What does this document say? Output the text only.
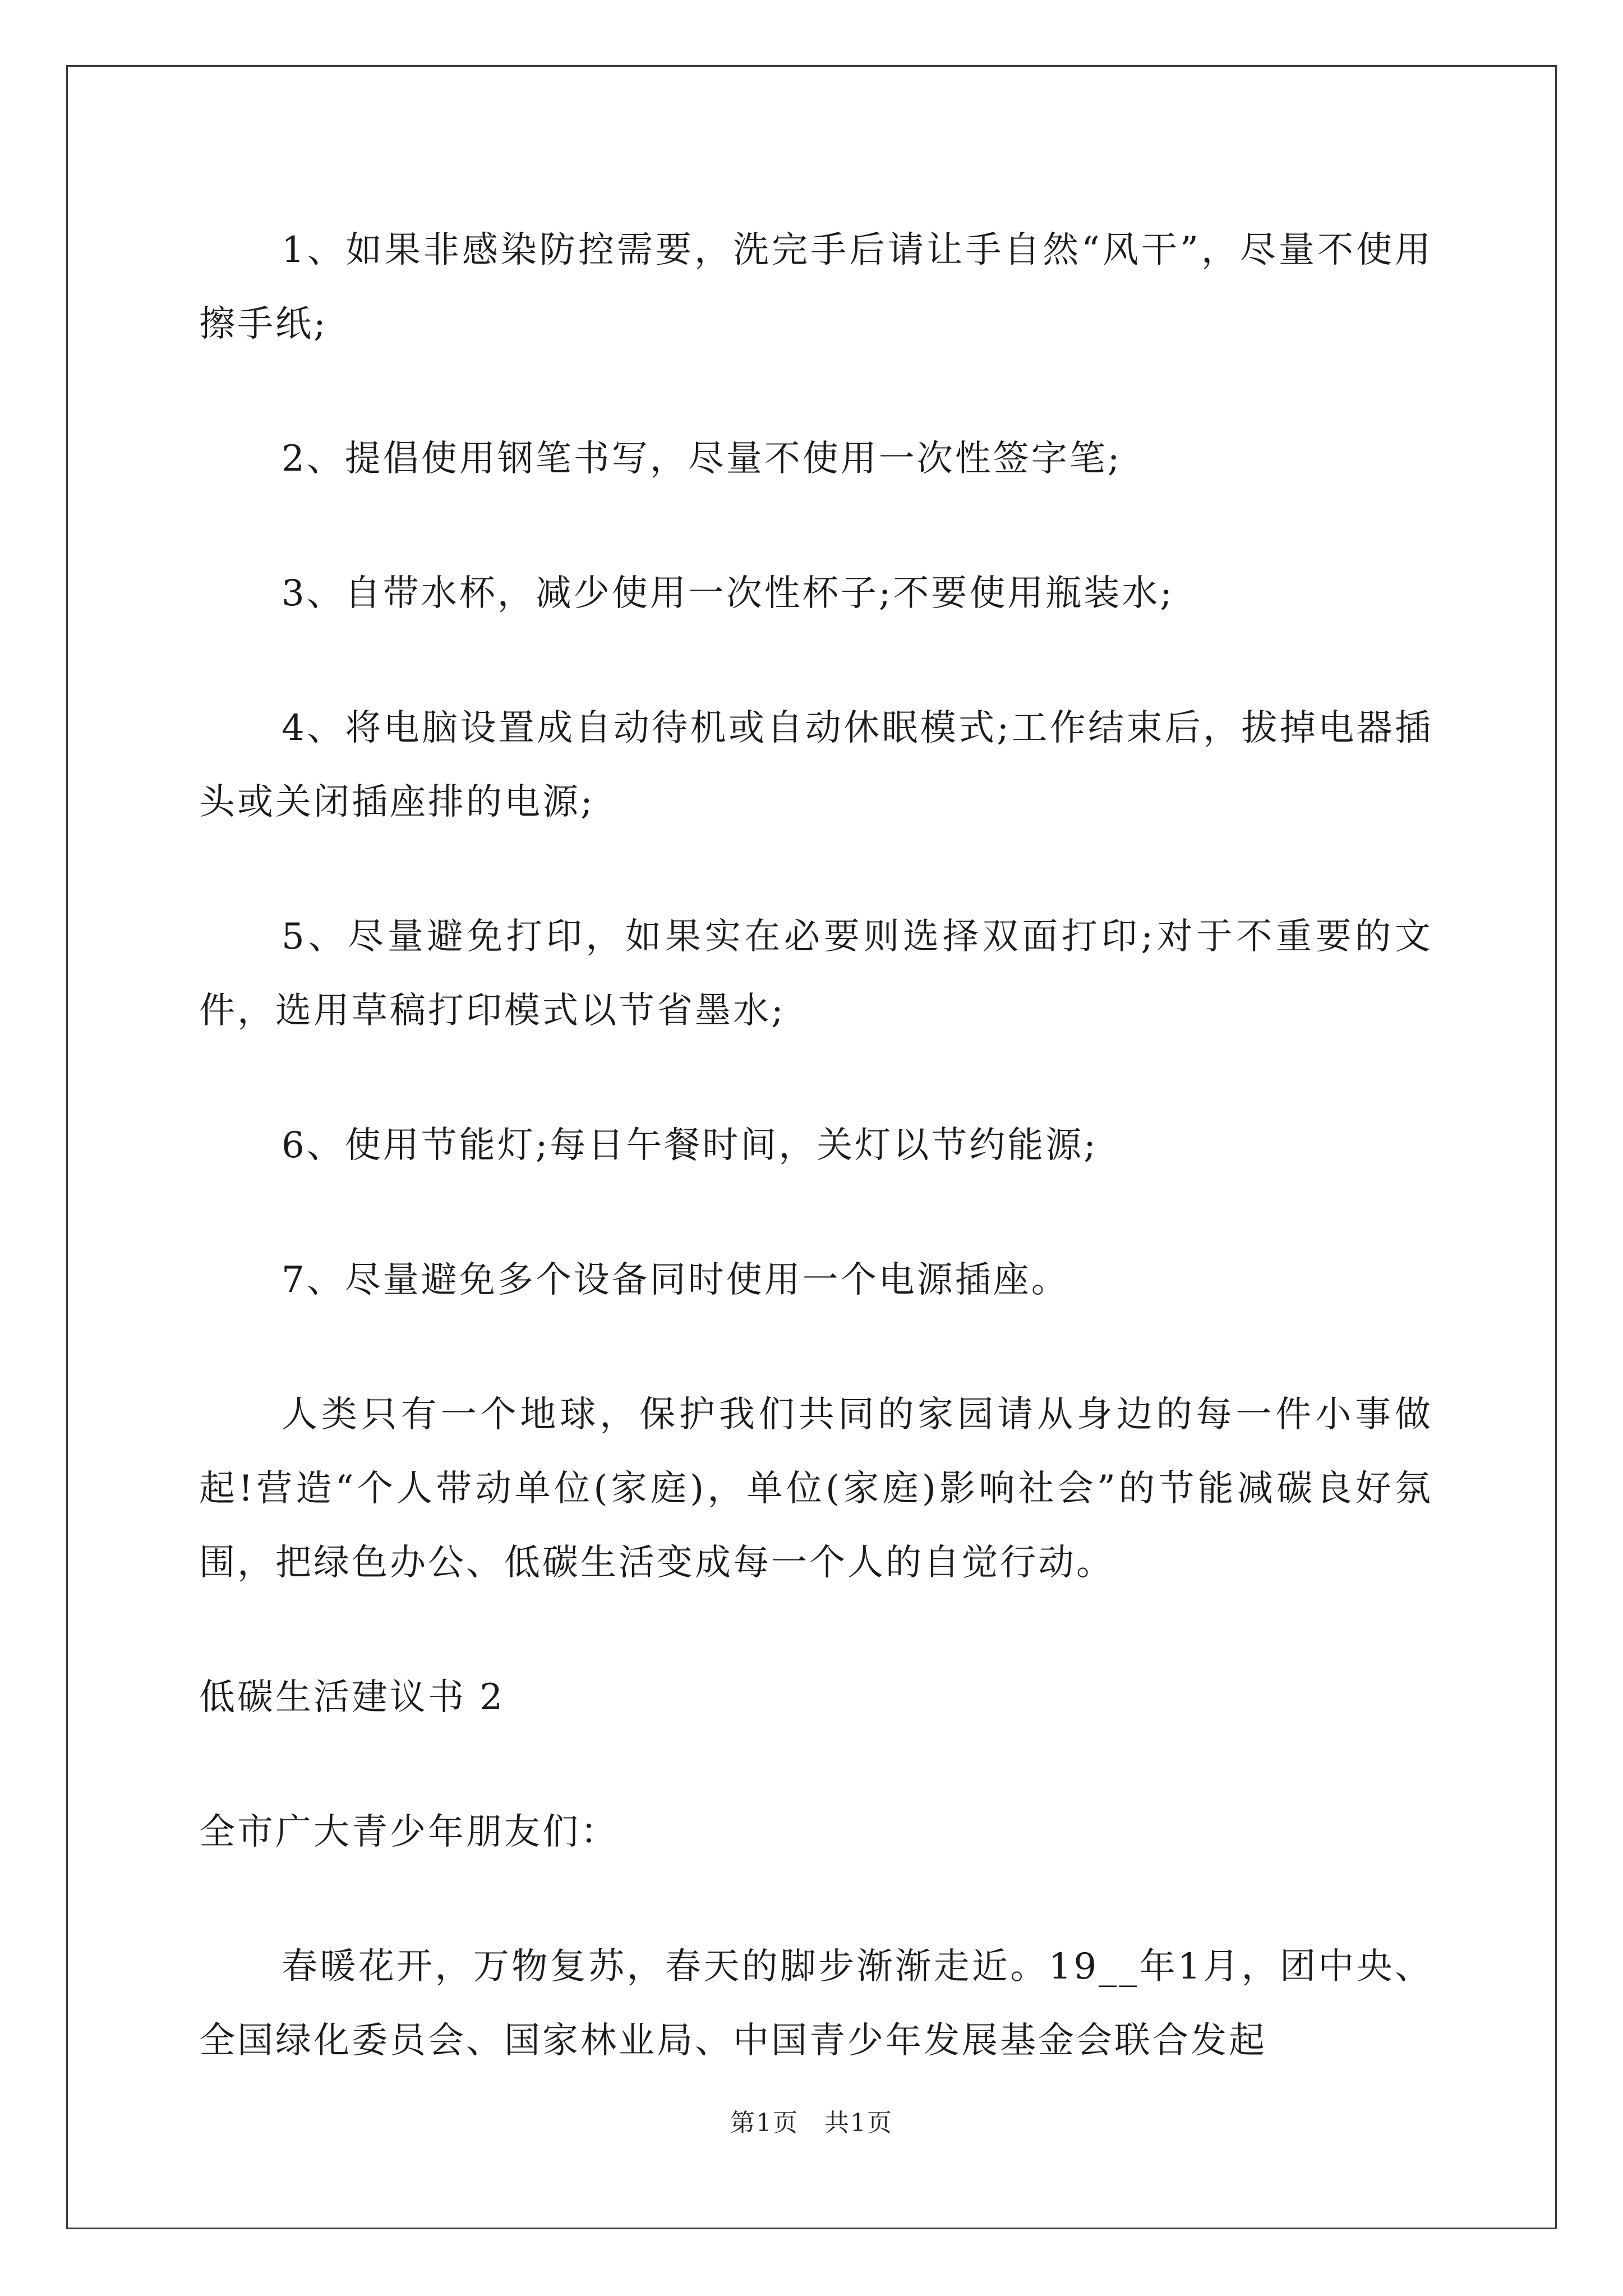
1、如果非感染防控需要，洗完手后请让手自然“风干”，尽量不使用擦手纸;

2、提倡使用钢笔书写，尽量不使用一次性签字笔;

3、自带水杯，减少使用一次性杯子;不要使用瓶装水;

4、将电脑设置成自动待机或自动休眠模式;工作结束后，拔掉电器插头或关闭插座排的电源;

5、尽量避免打印，如果实在必要则选择双面打印;对于不重要的文件，选用草稿打印模式以节省墨水;

6、使用节能灯;每日午餐时间，关灯以节约能源;

7、尽量避免多个设备同时使用一个电源插座。

人类只有一个地球，保护我们共同的家园请从身边的每一件小事做起!营造“个人带动单位(家庭)，单位(家庭)影响社会”的节能减碳良好氛围，把绿色办公、低碳生活变成每一个人的自觉行动。

低碳生活建议书 2

全市广大青少年朋友们：

春暖花开，万物复苏，春天的脚步渐渐走近。19__年1月，团中央、全国绿化委员会、国家林业局、中国青少年发展基金会联合发起

第1页　共1页
